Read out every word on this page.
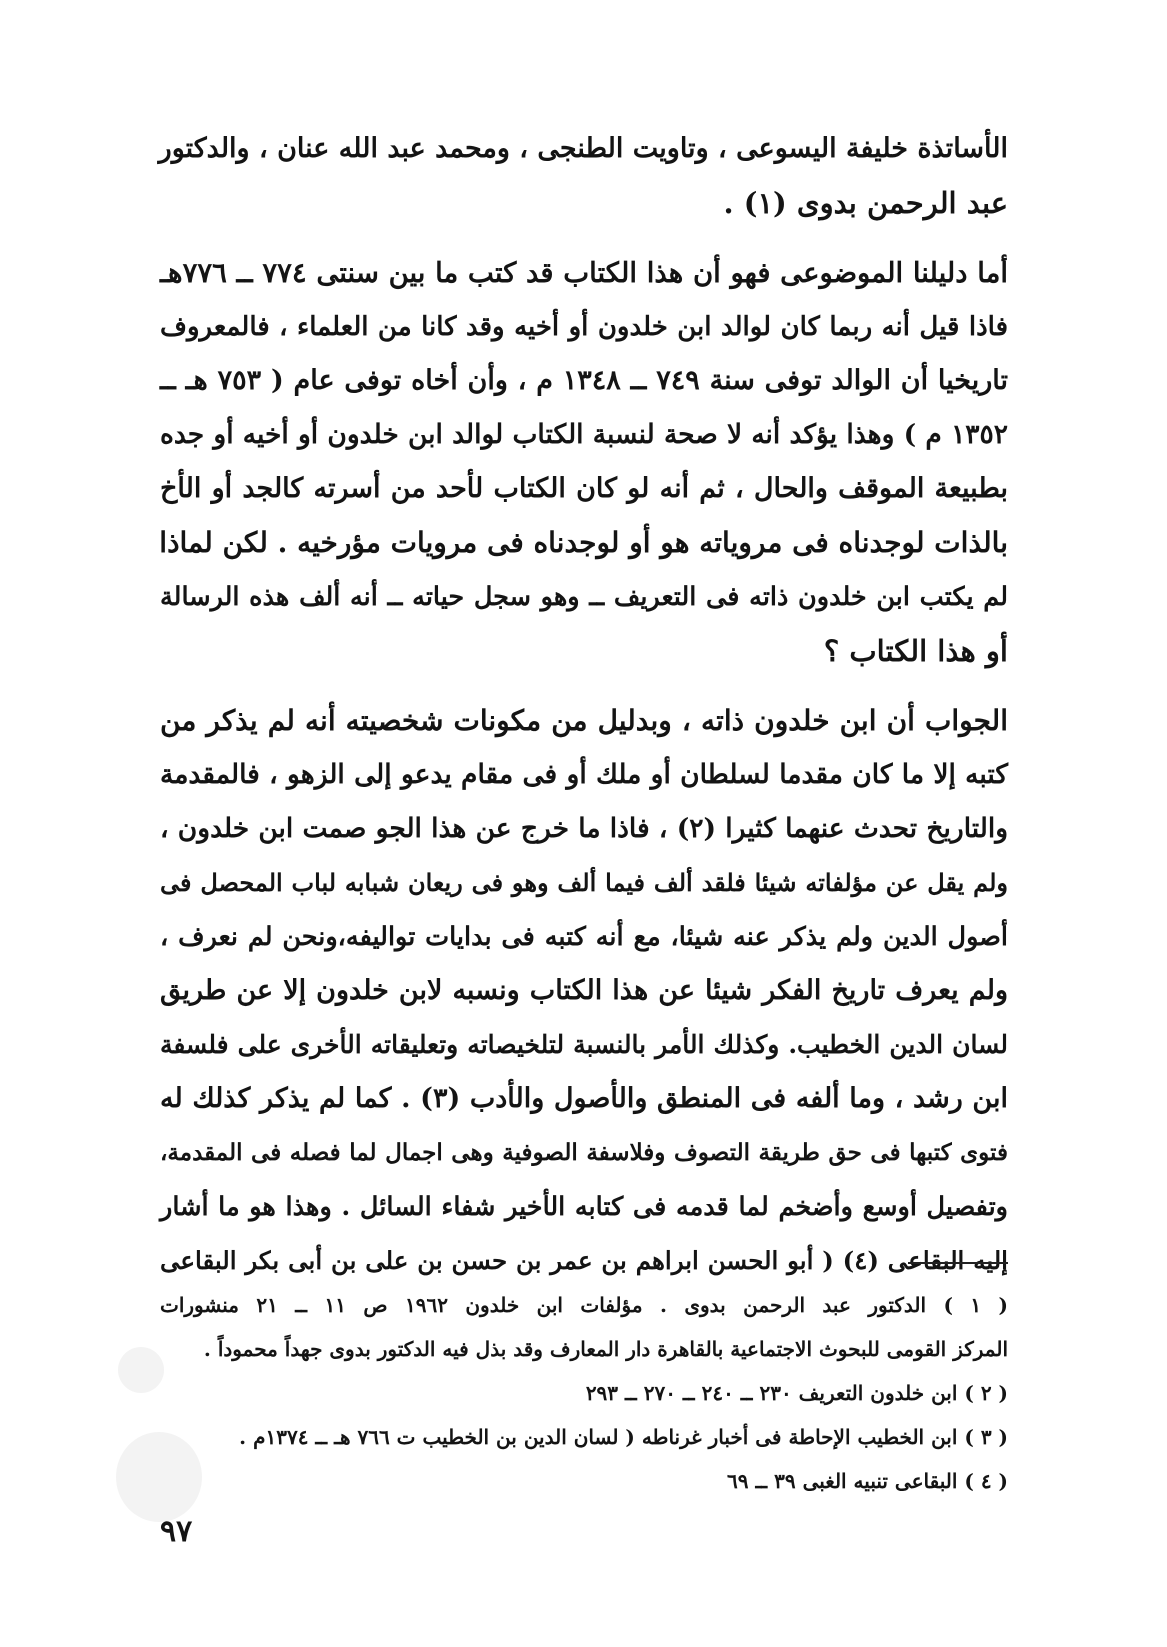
الأساتذة خليفة اليسوعى ، وتاويت الطنجى ، ومحمد عبد الله عنان ، والدكتور
عبد الرحمن بدوى (١) .
أما دليلنا الموضوعى فهو أن هذا الكتاب قد كتب ما بين سنتى ٧٧٤ ــ ٧٧٦هـ
فاذا قيل أنه ربما كان لوالد ابن خلدون أو أخيه وقد كانا من العلماء ، فالمعروف
تاريخيا أن الوالد توفى سنة ٧٤٩ ــ ١٣٤٨ م ، وأن أخاه توفى عام ( ٧٥٣ هـ ــ
١٣٥٢ م ) وهذا يؤكد أنه لا صحة لنسبة الكتاب لوالد ابن خلدون أو أخيه أو جده
بطبيعة الموقف والحال ، ثم أنه لو كان الكتاب لأحد من أسرته كالجد أو الأخ
بالذات لوجدناه فى مروياته هو أو لوجدناه فى مرويات مؤرخيه . لكن لماذا
لم يكتب ابن خلدون ذاته فى التعريف ــ وهو سجل حياته ــ أنه ألف هذه الرسالة
أو هذا الكتاب ؟
الجواب أن ابن خلدون ذاته ، وبدليل من مكونات شخصيته أنه لم يذكر من
كتبه إلا ما كان مقدما لسلطان أو ملك أو فى مقام يدعو إلى الزهو ، فالمقدمة
والتاريخ تحدث عنهما كثيرا (٢) ، فاذا ما خرج عن هذا الجو صمت ابن خلدون ،
ولم يقل عن مؤلفاته شيئا فلقد ألف فيما ألف وهو فى ريعان شبابه لباب المحصل فى
أصول الدين ولم يذكر عنه شيئا، مع أنه كتبه فى بدايات تواليفه،ونحن لم نعرف ،
ولم يعرف تاريخ الفكر شيئا عن هذا الكتاب ونسبه لابن خلدون إلا عن طريق
لسان الدين الخطيب. وكذلك الأمر بالنسبة لتلخيصاته وتعليقاته الأخرى على فلسفة
ابن رشد ، وما ألفه فى المنطق والأصول والأدب (٣) . كما لم يذكر كذلك له
فتوى كتبها فى حق طريقة التصوف وفلاسفة الصوفية وهى اجمال لما فصله فى المقدمة،
وتفصيل أوسع وأضخم لما قدمه فى كتابه الأخير شفاء السائل . وهذا هو ما أشار
إليه البقاعى (٤) ( أبو الحسن ابراهم بن عمر بن حسن بن على بن أبى بكر البقاعى
( ١ ) الدكتور عبد الرحمن بدوى . مؤلفات ابن خلدون ١٩٦٢ ص ١١ ــ ٢١ منشورات
المركز القومى للبحوث الاجتماعية بالقاهرة دار المعارف وقد بذل فيه الدكتور بدوى جهداً محموداً .
( ٢ ) ابن خلدون التعريف ٢٣٠ ــ ٢٤٠ ــ ٢٧٠ ــ ٢٩٣
( ٣ ) ابن الخطيب الإحاطة فى أخبار غرناطه ( لسان الدين بن الخطيب ت ٧٦٦ هـ ــ ١٣٧٤م .
( ٤ ) البقاعى تنبيه الغبى ٣٩ ــ ٦٩
٩٧
